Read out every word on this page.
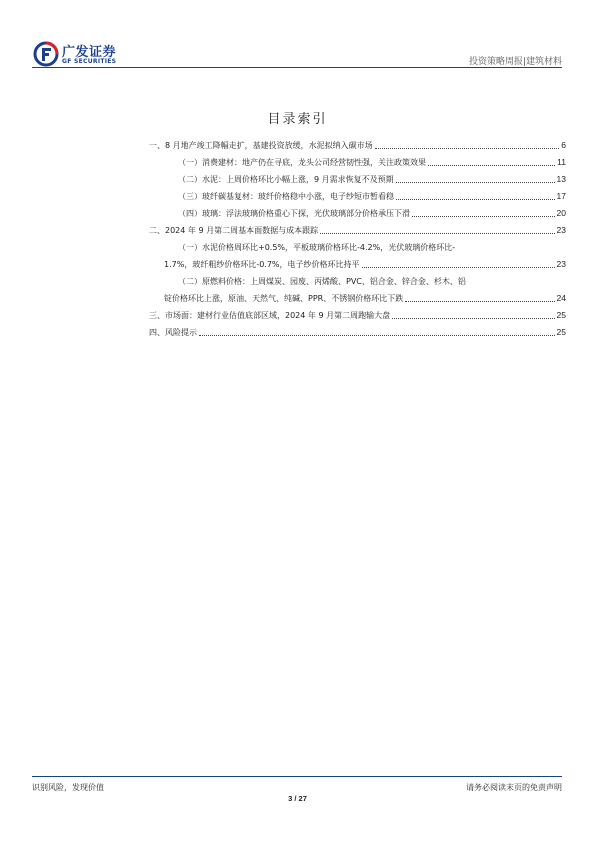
广发证券
GF SECURITIES	投资策略周报|建筑材料
目录索引
一、8 月地产竣工降幅走扩，基建投资放缓，水泥拟纳入碳市场	6
（一）消费建材：地产仍在寻底，龙头公司经营韧性强，关注政策效果	11
（二）水泥：上周价格环比小幅上涨，9 月需求恢复不及预期	13
（三）玻纤碳基复材：玻纤价格稳中小涨，电子纱短市暂看稳	17
（四）玻璃：浮法玻璃价格重心下探，光伏玻璃部分价格承压下滑	20
二、2024 年 9 月第二周基本面数据与成本跟踪	23
（一）水泥价格周环比+0.5%，平板玻璃价格环比-4.2%，光伏玻璃价格环比-
1.7%，玻纤粗纱价格环比-0.7%，电子纱价格环比持平	23
（二）原燃料价格：上周煤炭、园废、丙烯酸、PVC、铝合金、锌合金、杉木、铝
锭价格环比上涨，原油、天然气、纯碱、PPR、不锈钢价格环比下跌	24
三、市场面：建材行业估值底部区域，2024 年 9 月第二周跑输大盘	25
四、风险提示	25
识别风险，发现价值	请务必阅读末页的免责声明
3 / 27
